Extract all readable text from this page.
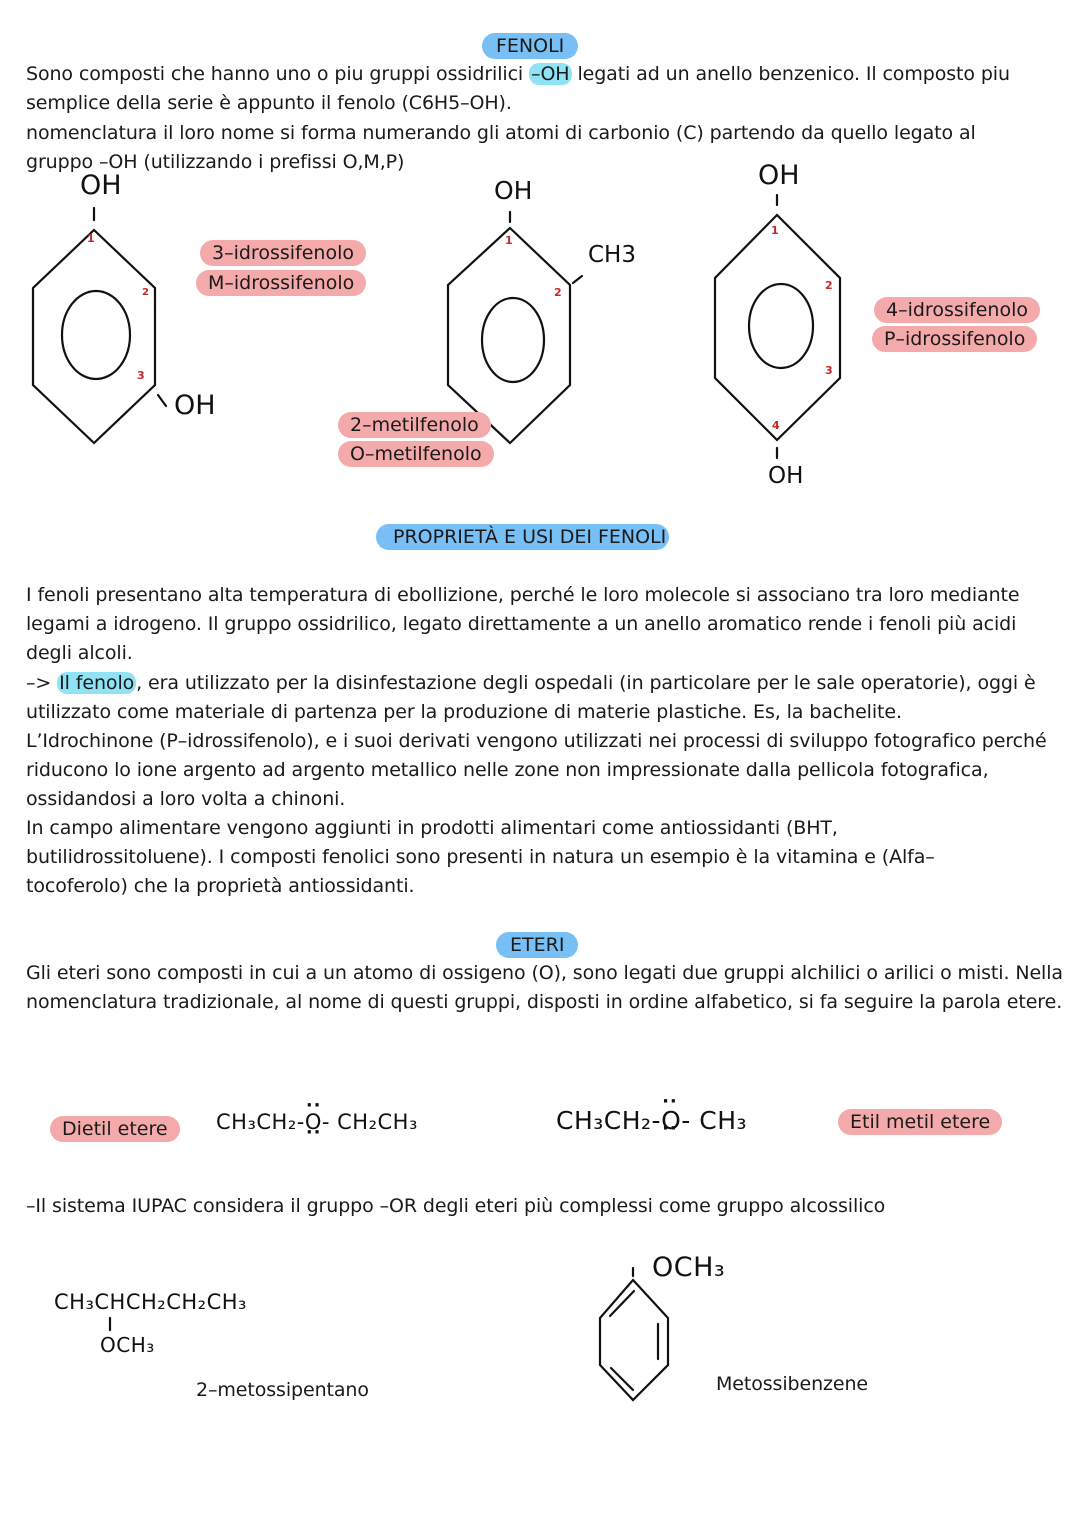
FENOLI
Sono composti che hanno uno o piu gruppi ossidrilici –OH legati ad un anello benzenico. Il composto piu semplice della serie è appunto il fenolo (C6H5–OH).
nomenclatura il loro nome si forma numerando gli atomi di carbonio (C) partendo da quello legato al gruppo –OH (utilizzando i prefissi O,M,P)
OH
OH
1
2
3
3–idrossifenolo
M–idrossifenolo
OH
CH3
1
2
2–metilfenolo
O–metilfenolo
OH
OH
1
2
3
4
4–idrossifenolo
P–idrossifenolo
PROPRIETÀ E USI DEI FENOLI
I fenoli presentano alta temperatura di ebollizione, perché le loro molecole si associano tra loro mediante legami a idrogeno. Il gruppo ossidrilico, legato direttamente a un anello aromatico rende i fenoli più acidi degli alcoli.
–> Il fenolo , era utilizzato per la disinfestazione degli ospedali (in particolare per le sale operatorie), oggi è utilizzato come materiale di partenza per la produzione di materie plastiche. Es, la bachelite.
L’Idrochinone (P–idrossifenolo), e i suoi derivati vengono utilizzati nei processi di sviluppo fotografico perché riducono lo ione argento ad argento metallico nelle zone non impressionate dalla pellicola fotografica, ossidandosi a loro volta a chinoni.
In campo alimentare vengono aggiunti in prodotti alimentari come antiossidanti (BHT, butilidrossitoluene). I composti fenolici sono presenti in natura un esempio è la vitamina e (Alfa–tocoferolo) che la proprietà antiossidanti.
ETERI
Gli eteri sono composti in cui a un atomo di ossigeno (O), sono legati due gruppi alchilici o arilici o misti. Nella nomenclatura tradizionale, al nome di questi gruppi, disposti in ordine alfabetico, si fa seguire la parola etere.
Dietil etere	CH₃CH₂-·· O ··- CH₂CH₃	CH₃CH₂-·· O ··- CH₃	Etil metil etere
–Il sistema IUPAC considera il gruppo –OR degli eteri più complessi come gruppo alcossilico
CH₃CHCH₂CH₂CH₃
OCH₃
2–metossipentano
OCH₃
Metossibenzene
